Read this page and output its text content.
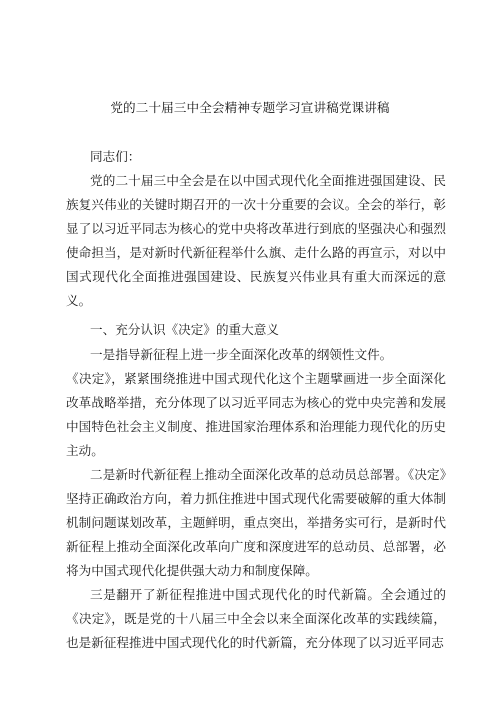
党的二十届三中全会精神专题学习宣讲稿党课讲稿
同志们：

党的二十届三中全会是在以中国式现代化全面推进强国建设、民族复兴伟业的关键时期召开的一次十分重要的会议。全会的举行，彰显了以习近平同志为核心的党中央将改革进行到底的坚强决心和强烈使命担当，是对新时代新征程举什么旗、走什么路的再宣示，对以中国式现代化全面推进强国建设、民族复兴伟业具有重大而深远的意义。

一、充分认识《决定》的重大意义

一是指导新征程上进一步全面深化改革的纲领性文件。

《决定》，紧紧围绕推进中国式现代化这个主题擘画进一步全面深化改革战略举措，充分体现了以习近平同志为核心的党中央完善和发展中国特色社会主义制度、推进国家治理体系和治理能力现代化的历史主动。

二是新时代新征程上推动全面深化改革的总动员总部署。《决定》坚持正确政治方向，着力抓住推进中国式现代化需要破解的重大体制机制问题谋划改革，主题鲜明，重点突出，举措务实可行，是新时代新征程上推动全面深化改革向广度和深度进军的总动员、总部署，必将为中国式现代化提供强大动力和制度保障。

三是翻开了新征程推进中国式现代化的时代新篇。全会通过的《决定》，既是党的十八届三中全会以来全面深化改革的实践续篇，也是新征程推进中国式现代化的时代新篇，充分体现了以习近平同志
